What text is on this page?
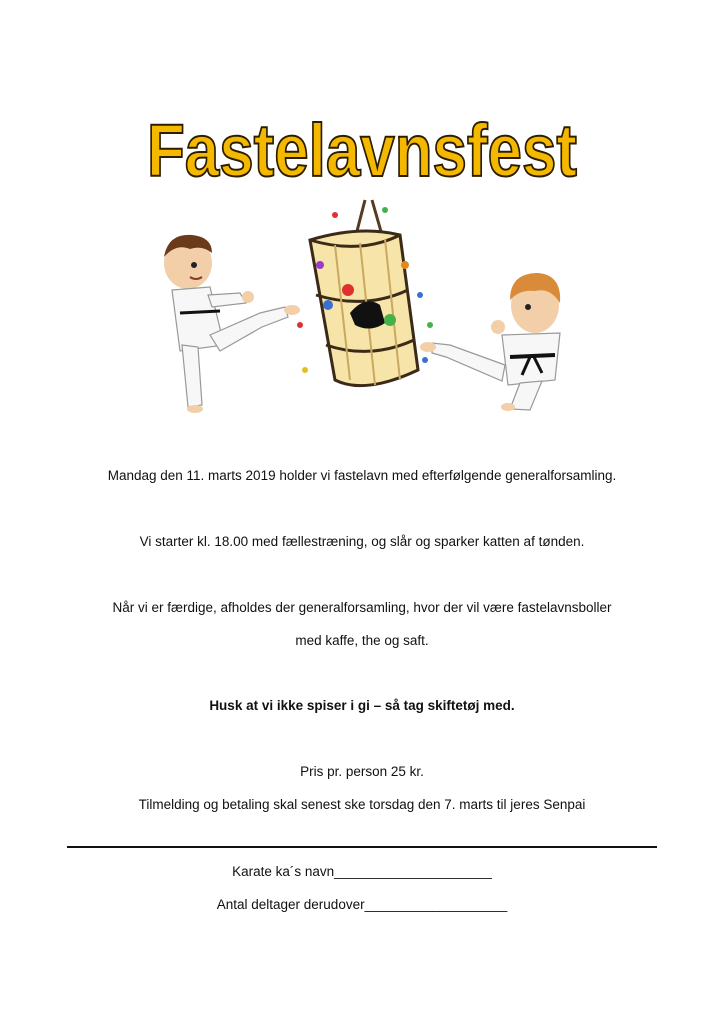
Fastelavnsfest
Mandag den 11. marts 2019 holder vi fastelavn med efterfølgende generalforsamling.
Vi starter kl. 18.00 med fællestræning, og slår og sparker katten af tønden.
Når vi er færdige, afholdes der generalforsamling, hvor der vil være fastelavnsboller
med kaffe, the og saft.
Husk at vi ikke spiser i gi – så tag skiftetøj med.
Pris pr. person 25 kr.
Tilmelding og betaling skal senest ske torsdag den 7. marts til jeres Senpai
Karate ka´s navn_____________________
Antal deltager derudover___________________
